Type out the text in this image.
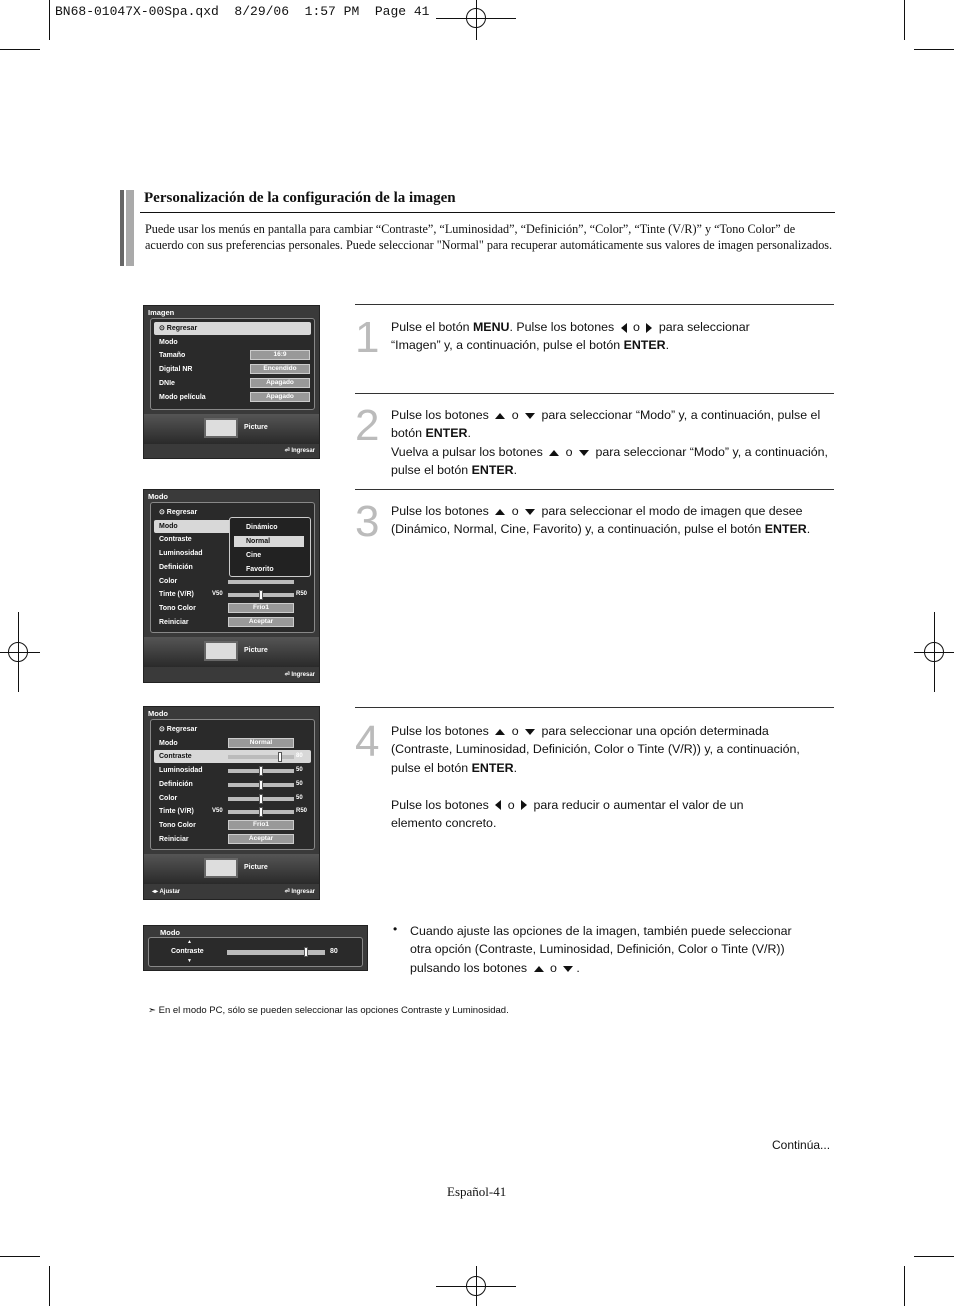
BN68-01047X-00Spa.qxd  8/29/06  1:57 PM  Page 41
Personalización de la configuración de la imagen
Puede usar los menús en pantalla para cambiar “Contraste”, “Luminosidad”, “Definición”, “Color”, “Tinte (V/R)” y “Tono Color” de acuerdo con sus preferencias personales. Puede seleccionar "Normal" para recuperar automáticamente sus valores de imagen personalizados.
1 Pulse el botón MENU. Pulse los botones  o  para seleccionar
“Imagen” y, a continuación, pulse el botón ENTER.
2 Pulse los botones  o  para seleccionar “Modo” y, a continuación, pulse el
botón ENTER.
Vuelva a pulsar los botones  o  para seleccionar “Modo” y, a continuación,
pulse el botón ENTER.
3 Pulse los botones  o  para seleccionar el modo de imagen que desee
(Dinámico, Normal, Cine, Favorito) y, a continuación, pulse el botón ENTER.
4 Pulse los botones  o  para seleccionar una opción determinada
(Contraste, Luminosidad, Definición, Color o Tinte (V/R)) y, a continuación,
pulse el botón ENTER.

Pulse los botones  o  para reducir o aumentar el valor de un
elemento concreto.
Imagen
⊙ Regresar
Modo
Tamaño	16:9
Digital NR	Encendido
DNIe	Apagado
Modo película	Apagado
Picture
⏎ Ingresar
Modo
⊙ Regresar
Modo
Contraste
Luminosidad
Definición
Color
Tinte (V/R)	V50	R50
Tono Color	Frío1
Reiniciar	Aceptar
Dinámico
Normal
Cine
Favorito
Picture
⏎ Ingresar
Modo
⊙ Regresar
Modo	Normal
Contraste	80
Luminosidad	50
Definición	50
Color	50
Tinte (V/R)	V50	R50
Tono Color	Frío1
Reiniciar	Aceptar
Picture
◂▸ Ajustar	⏎ Ingresar
Modo
▲
Contraste
▼
80
• Cuando ajuste las opciones de la imagen, también puede seleccionar
otra opción (Contraste, Luminosidad, Definición, Color o Tinte (V/R))
pulsando los botones  o .
➣ En el modo PC, sólo se pueden seleccionar las opciones Contraste y Luminosidad.
Continúa...
Español-41
